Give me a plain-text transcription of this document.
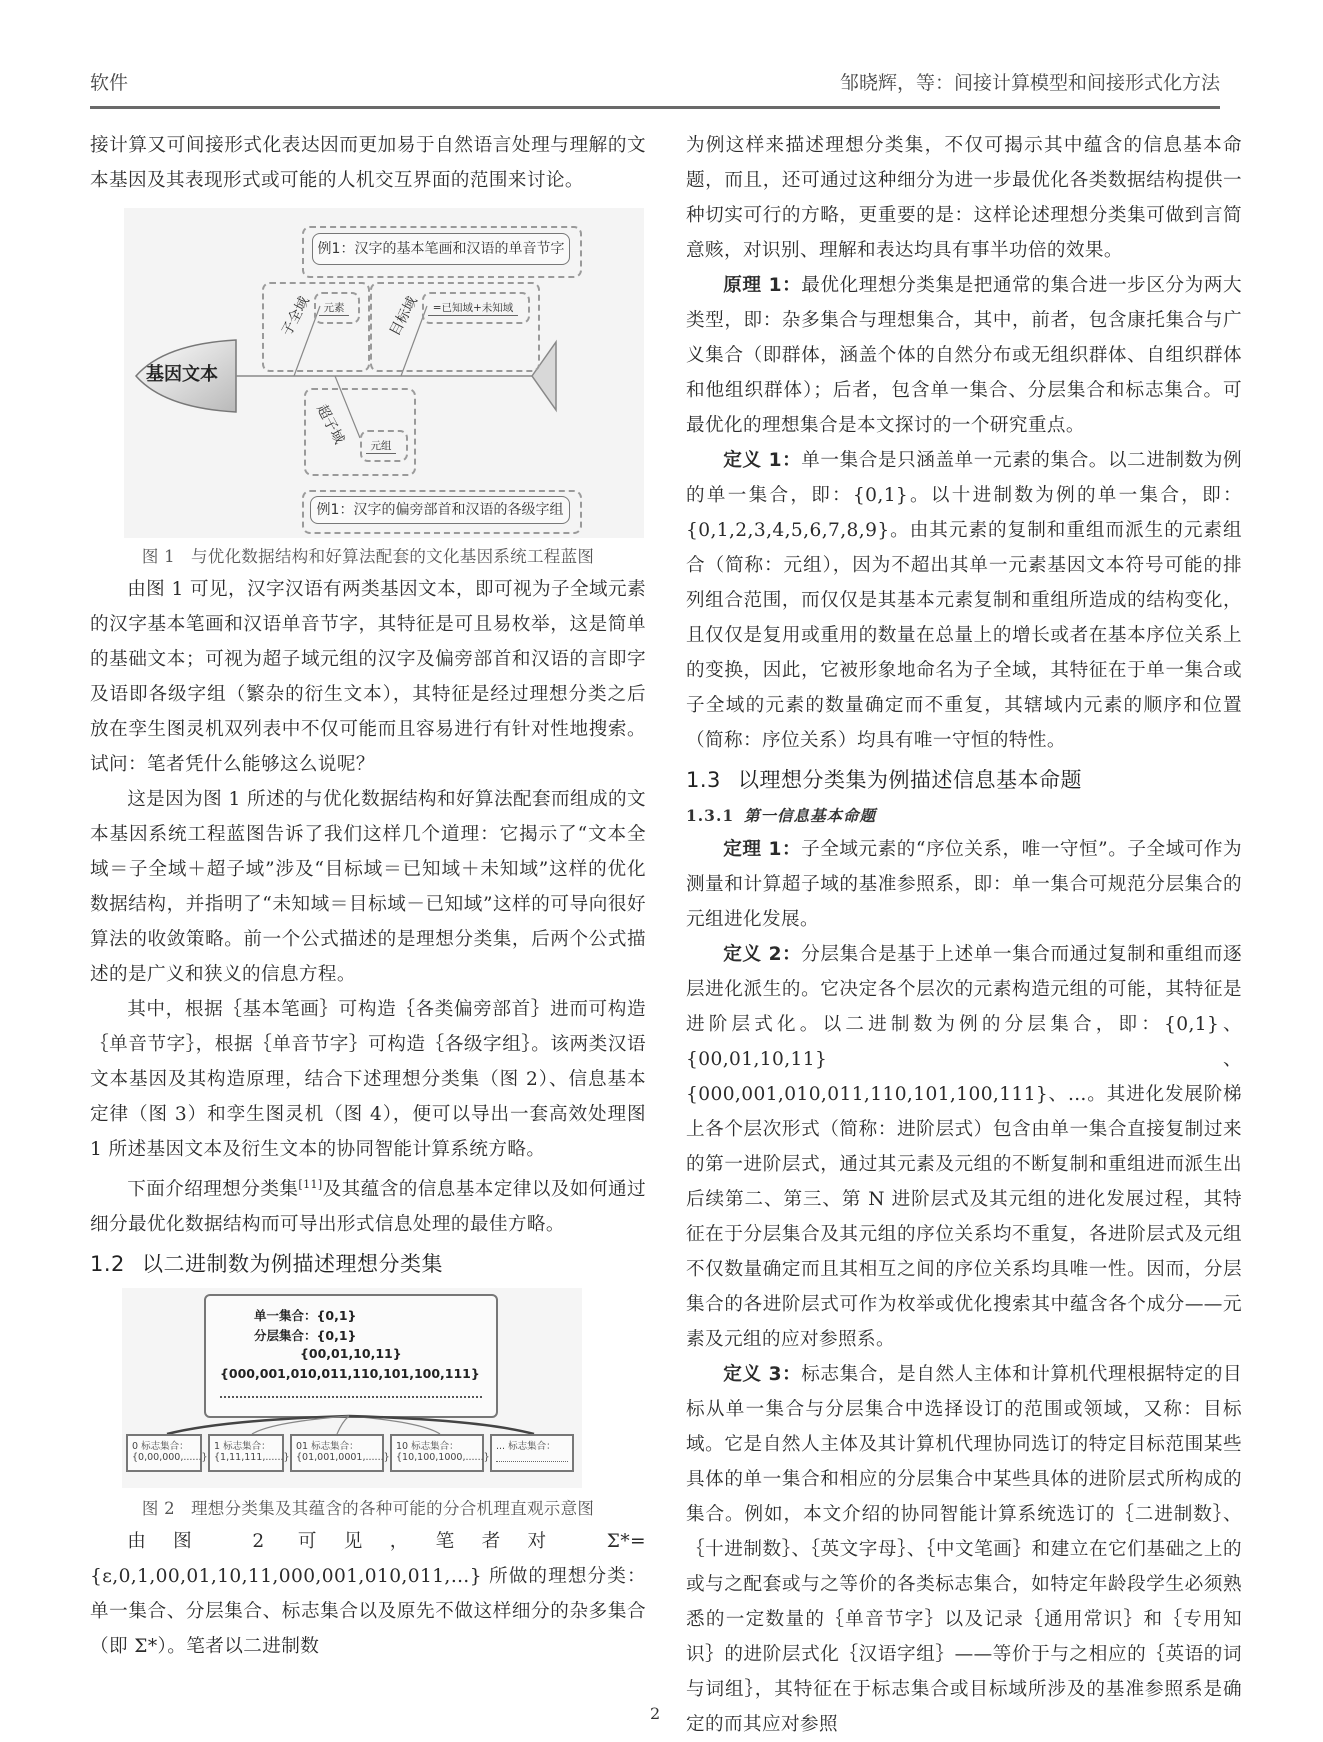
软件	邹晓辉，等：间接计算模型和间接形式化方法

接计算又可间接形式化表达因而更加易于自然语言处理与理解的文本基因及其表现形式或可能的人机交互界面的范围来讨论。

基因文本
例1：汉字的基本笔画和汉语的单音节字
子全域	元素	目标域	=已知域+未知域
超子域	元组
例1：汉字的偏旁部首和汉语的各级字组

图 1 与优化数据结构和好算法配套的文化基因系统工程蓝图

由图 1 可见，汉字汉语有两类基因文本，即可视为子全域元素的汉字基本笔画和汉语单音节字，其特征是可且易枚举，这是简单的基础文本；可视为超子域元组的汉字及偏旁部首和汉语的言即字及语即各级字组（繁杂的衍生文本），其特征是经过理想分类之后放在孪生图灵机双列表中不仅可能而且容易进行有针对性地搜索。试问：笔者凭什么能够这么说呢？

这是因为图 1 所述的与优化数据结构和好算法配套而组成的文本基因系统工程蓝图告诉了我们这样几个道理：它揭示了“文本全域＝子全域＋超子域”涉及“目标域＝已知域＋未知域”这样的优化数据结构，并指明了“未知域＝目标域－已知域”这样的可导向很好算法的收敛策略。前一个公式描述的是理想分类集，后两个公式描述的是广义和狭义的信息方程。

其中，根据｛基本笔画｝可构造｛各类偏旁部首｝进而可构造｛单音节字｝，根据｛单音节字｝可构造｛各级字组｝。该两类汉语文本基因及其构造原理，结合下述理想分类集（图 2）、信息基本定律（图 3）和孪生图灵机（图 4），便可以导出一套高效处理图 1 所述基因文本及衍生文本的协同智能计算系统方略。

下面介绍理想分类集[11]及其蕴含的信息基本定律以及如何通过细分最优化数据结构而可导出形式信息处理的最佳方略。

1.2 以二进制数为例描述理想分类集
单一集合：{0,1}
分层集合：{0,1}
{00,01,10,11}
{000,001,010,011,110,101,100,111}
0 标志集合：
{0,00,000,......}
1 标志集合：
{1,11,111,......}
01 标志集合：
{01,001,0001,......}
10 标志集合：
{10,100,1000,......}
... 标志集合：

图 2 理想分类集及其蕴含的各种可能的分合机理直观示意图

由图 2 可见，笔者对 Σ*={ε,0,1,00,01,10,11,000,001,010,011,…} 所做的理想分类：单一集合、分层集合、标志集合以及原先不做这样细分的杂多集合（即 Σ*）。笔者以二进制数

为例这样来描述理想分类集，不仅可揭示其中蕴含的信息基本命题，而且，还可通过这种细分为进一步最优化各类数据结构提供一种切实可行的方略，更重要的是：这样论述理想分类集可做到言简意赅，对识别、理解和表达均具有事半功倍的效果。

原理 1：最优化理想分类集是把通常的集合进一步区分为两大类型，即：杂多集合与理想集合，其中，前者，包含康托集合与广义集合（即群体，涵盖个体的自然分布或无组织群体、自组织群体和他组织群体）；后者，包含单一集合、分层集合和标志集合。可最优化的理想集合是本文探讨的一个研究重点。

定义 1：单一集合是只涵盖单一元素的集合。以二进制数为例的单一集合，即：{0,1}。以十进制数为例的单一集合，即：{0,1,2,3,4,5,6,7,8,9}。由其元素的复制和重组而派生的元素组合（简称：元组），因为不超出其单一元素基因文本符号可能的排列组合范围，而仅仅是其基本元素复制和重组所造成的结构变化，且仅仅是复用或重用的数量在总量上的增长或者在基本序位关系上的变换，因此，它被形象地命名为子全域，其特征在于单一集合或子全域的元素的数量确定而不重复，其辖域内元素的顺序和位置（简称：序位关系）均具有唯一守恒的特性。

1.3 以理想分类集为例描述信息基本命题
1.3.1 第一信息基本命题

定理 1：子全域元素的“序位关系，唯一守恒”。子全域可作为测量和计算超子域的基准参照系，即：单一集合可规范分层集合的元组进化发展。

定义 2：分层集合是基于上述单一集合而通过复制和重组而逐层进化派生的。它决定各个层次的元素构造元组的可能，其特征是进阶层式化。以二进制数为例的分层集合，即：{0,1}、{00,01,10,11}、{000,001,010,011,110,101,100,111}、…。其进化发展阶梯上各个层次形式（简称：进阶层式）包含由单一集合直接复制过来的第一进阶层式，通过其元素及元组的不断复制和重组进而派生出后续第二、第三、第 N 进阶层式及其元组的进化发展过程，其特征在于分层集合及其元组的序位关系均不重复，各进阶层式及元组不仅数量确定而且其相互之间的序位关系均具唯一性。因而，分层集合的各进阶层式可作为枚举或优化搜索其中蕴含各个成分——元素及元组的应对参照系。

定义 3：标志集合，是自然人主体和计算机代理根据特定的目标从单一集合与分层集合中选择设订的范围或领域，又称：目标域。它是自然人主体及其计算机代理协同选订的特定目标范围某些具体的单一集合和相应的分层集合中某些具体的进阶层式所构成的集合。例如，本文介绍的协同智能计算系统选订的｛二进制数｝、｛十进制数｝、｛英文字母｝、｛中文笔画｝和建立在它们基础之上的或与之配套或与之等价的各类标志集合，如特定年龄段学生必须熟悉的一定数量的｛单音节字｝以及记录｛通用常识｝和｛专用知识｝的进阶层式化｛汉语字组｝——等价于与之相应的｛英语的词与词组｝，其特征在于标志集合或目标域所涉及的基准参照系是确定的而其应对参照

2
